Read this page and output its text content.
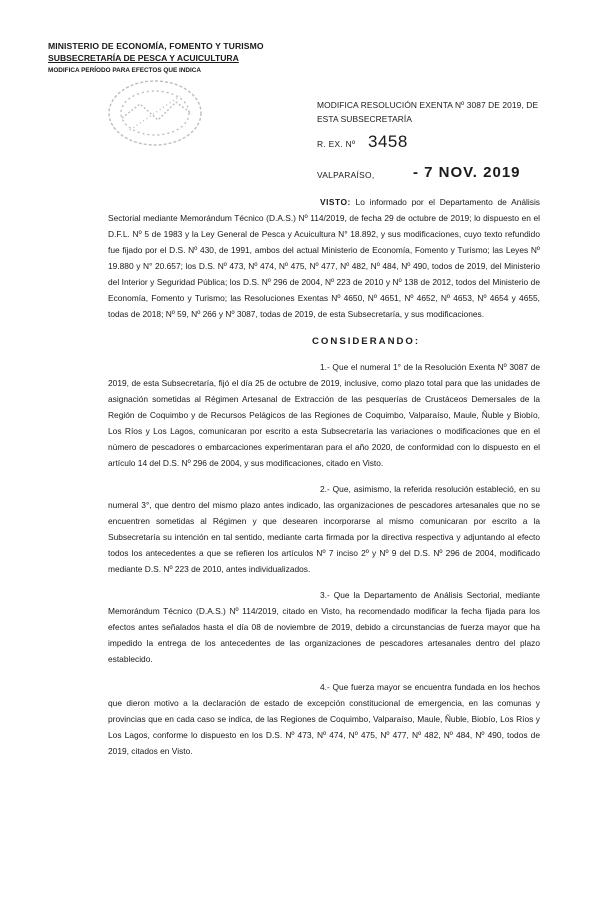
MINISTERIO DE ECONOMÍA, FOMENTO Y TURISMO
SUBSECRETARÍA DE PESCA Y ACUICULTURA
MODIFICA PERÍODO PARA EFECTOS QUE INDICA
MODIFICA RESOLUCIÓN EXENTA Nº 3087 DE 2019, DE ESTA SUBSECRETARÍA
R. EX. Nº 3458
VALPARAÍSO,	- 7 NOV. 2019
VISTO: Lo informado por el Departamento de Análisis Sectorial mediante Memorándum Técnico (D.A.S.) Nº 114/2019, de fecha 29 de octubre de 2019; lo dispuesto en el D.F.L. Nº 5 de 1983 y la Ley General de Pesca y Acuicultura N° 18.892, y sus modificaciones, cuyo texto refundido fue fijado por el D.S. Nº 430, de 1991, ambos del actual Ministerio de Economía, Fomento y Turismo; las Leyes Nº 19.880 y N° 20.657; los D.S. Nº 473, Nº 474, Nº 475, Nº 477, Nº 482, Nº 484, Nº 490, todos de 2019, del Ministerio del Interior y Seguridad Pública; los D.S. Nº 296 de 2004, Nº 223 de 2010 y Nº 138 de 2012, todos del Ministerio de Economía, Fomento y Turismo; las Resoluciones Exentas Nº 4650, Nº 4651, Nº 4652, Nº 4653, Nº 4654 y 4655, todas de 2018; Nº 59, Nº 266 y Nº 3087, todas de 2019, de esta Subsecretaría, y sus modificaciones.
CONSIDERANDO:
1.- Que el numeral 1° de la Resolución Exenta Nº 3087 de 2019, de esta Subsecretaría, fijó el día 25 de octubre de 2019, inclusive, como plazo total para que las unidades de asignación sometidas al Régimen Artesanal de Extracción de las pesquerías de Crustáceos Demersales de la Región de Coquimbo y de Recursos Pelágicos de las Regiones de Coquimbo, Valparaíso, Maule, Ñuble y Biobío, Los Ríos y Los Lagos, comunicaran por escrito a esta Subsecretaría las variaciones o modificaciones que en el número de pescadores o embarcaciones experimentaran para el año 2020, de conformidad con lo dispuesto en el artículo 14 del D.S. Nº 296 de 2004, y sus modificaciones, citado en Visto.
2.- Que, asimismo, la referida resolución estableció, en su numeral 3°, que dentro del mismo plazo antes indicado, las organizaciones de pescadores artesanales que no se encuentren sometidas al Régimen y que desearen incorporarse al mismo comunicaran por escrito a la Subsecretaría su intención en tal sentido, mediante carta firmada por la directiva respectiva y adjuntando al efecto todos los antecedentes a que se refieren los artículos Nº 7 inciso 2º y Nº 9 del D.S. Nº 296 de 2004, modificado mediante D.S. Nº 223 de 2010, antes individualizados.
3.- Que la Departamento de Análisis Sectorial, mediante Memorándum Técnico (D.A.S.) Nº 114/2019, citado en Visto, ha recomendado modificar la fecha fijada para los efectos antes señalados hasta el día 08 de noviembre de 2019, debido a circunstancias de fuerza mayor que ha impedido la entrega de los antecedentes de las organizaciones de pescadores artesanales dentro del plazo establecido.
4.- Que fuerza mayor se encuentra fundada en los hechos que dieron motivo a la declaración de estado de excepción constitucional de emergencia, en las comunas y provincias que en cada caso se indica, de las Regiones de Coquimbo, Valparaíso, Maule, Ñuble, Biobío, Los Ríos y Los Lagos, conforme lo dispuesto en los D.S. Nº 473, Nº 474, Nº 475, Nº 477, Nº 482, Nº 484, Nº 490, todos de 2019, citados en Visto.
